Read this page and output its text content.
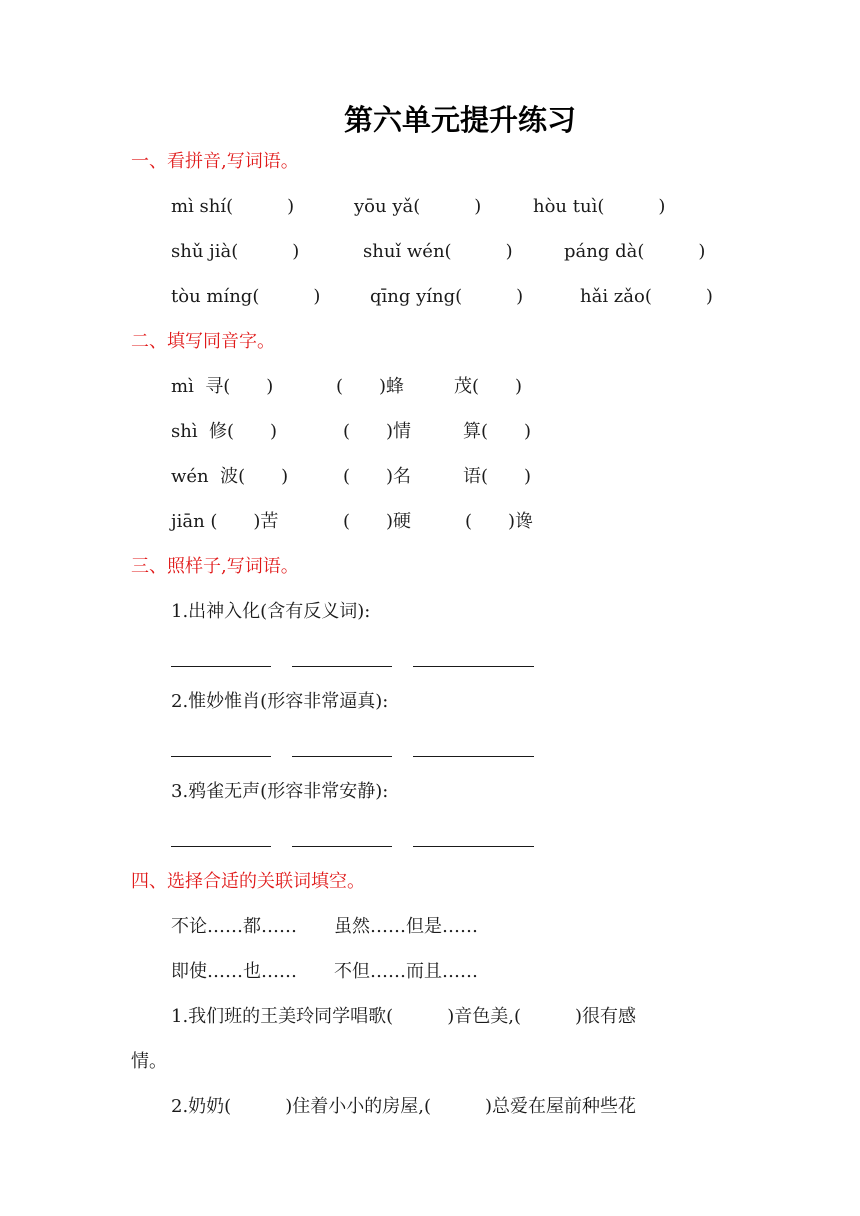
第六单元提升练习
一、看拼音,写词语。
mì shí(　　　)	yōu yǎ(　　　)	hòu tuì(　　　)
shǔ jià(　　　)	shuǐ wén(　　　)	páng dà(　　　)
tòu míng(　　　)	qīng yíng(　　　)	hǎi zǎo(　　　)
二、填写同音字。
mì  寻(　　)	(　　)蜂	茂(　　)
shì  修(　　)	(　　)情	算(　　)
wén  波(　　)	(　　)名	语(　　)
jiān (　　)苦	(　　)硬	(　　)谗
三、照样子,写词语。
1.出神入化(含有反义词):
2.惟妙惟肖(形容非常逼真):
3.鸦雀无声(形容非常安静):
四、选择合适的关联词填空。
不论……都…… 虽然……但是……
即使……也…… 不但……而且……
1.我们班的王美玲同学唱歌(　　　)音色美,(　　　)很有感
情。
2.奶奶(　　　)住着小小的房屋,(　　　)总爱在屋前种些花
